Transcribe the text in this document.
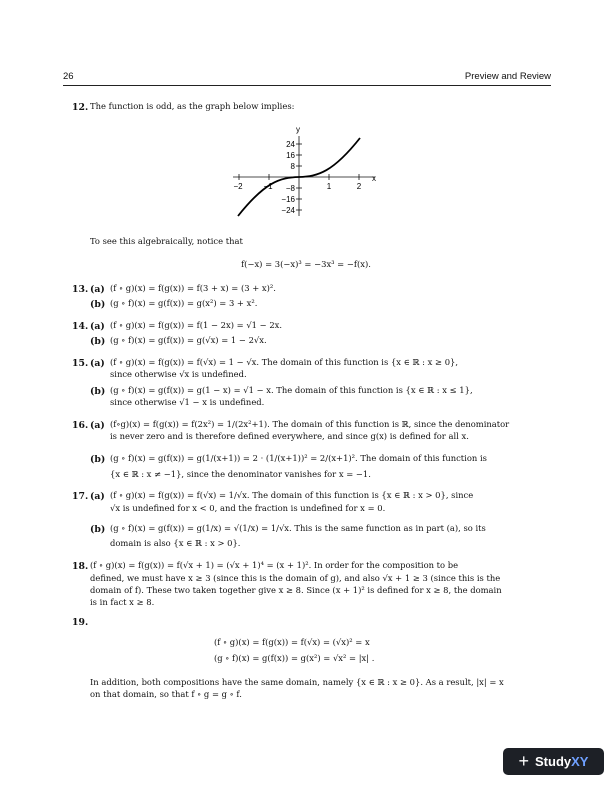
26	Preview and Review
12. The function is odd, as the graph below implies:
y
x
24
16
8
−8
−16
−24
−2	−1	1	2
To see this algebraically, notice that
f(−x) = 3(−x)³ = −3x³ = −f(x).
13. (a) (f ∘ g)(x) = f(g(x)) = f(3 + x) = (3 + x)².
(b) (g ∘ f)(x) = g(f(x)) = g(x²) = 3 + x².
14. (a) (f ∘ g)(x) = f(g(x)) = f(1 − 2x) = √1 − 2x.
(b) (g ∘ f)(x) = g(f(x)) = g(√x) = 1 − 2√x.
15. (a) (f ∘ g)(x) = f(g(x)) = f(√x) = 1 − √x. The domain of this function is {x ∈ ℝ : x ≥ 0},
since otherwise √x is undefined.
(b) (g ∘ f)(x) = g(f(x)) = g(1 − x) = √1 − x. The domain of this function is {x ∈ ℝ : x ≤ 1},
since otherwise √1 − x is undefined.
16. (a) (f∘g)(x) = f(g(x)) = f(2x²) = 1/(2x²+1). The domain of this function is ℝ, since the denominator
is never zero and is therefore defined everywhere, and since g(x) is defined for all x.
(b) (g ∘ f)(x) = g(f(x)) = g(1/(x+1)) = 2 · (1/(x+1))² = 2/(x+1)². The domain of this function is
{x ∈ ℝ : x ≠ −1}, since the denominator vanishes for x = −1.
17. (a) (f ∘ g)(x) = f(g(x)) = f(√x) = 1/√x. The domain of this function is {x ∈ ℝ : x > 0}, since
√x is undefined for x < 0, and the fraction is undefined for x = 0.
(b) (g ∘ f)(x) = g(f(x)) = g(1/x) = √(1/x) = 1/√x. This is the same function as in part (a), so its
domain is also {x ∈ ℝ : x > 0}.
18. (f ∘ g)(x) = f(g(x)) = f(√x + 1) = (√x + 1)⁴ = (x + 1)². In order for the composition to be
defined, we must have x ≥ 3 (since this is the domain of g), and also √x + 1 ≥ 3 (since this is the
domain of f). These two taken together give x ≥ 8. Since (x + 1)² is defined for x ≥ 8, the domain
is in fact x ≥ 8.
19.
(f ∘ g)(x) = f(g(x)) = f(√x) = (√x)² = x
(g ∘ f)(x) = g(f(x)) = g(x²) = √x² = |x| .
In addition, both compositions have the same domain, namely {x ∈ ℝ : x ≥ 0}. As a result, |x| = x
on that domain, so that f ∘ g = g ∘ f.
+ StudyXY
